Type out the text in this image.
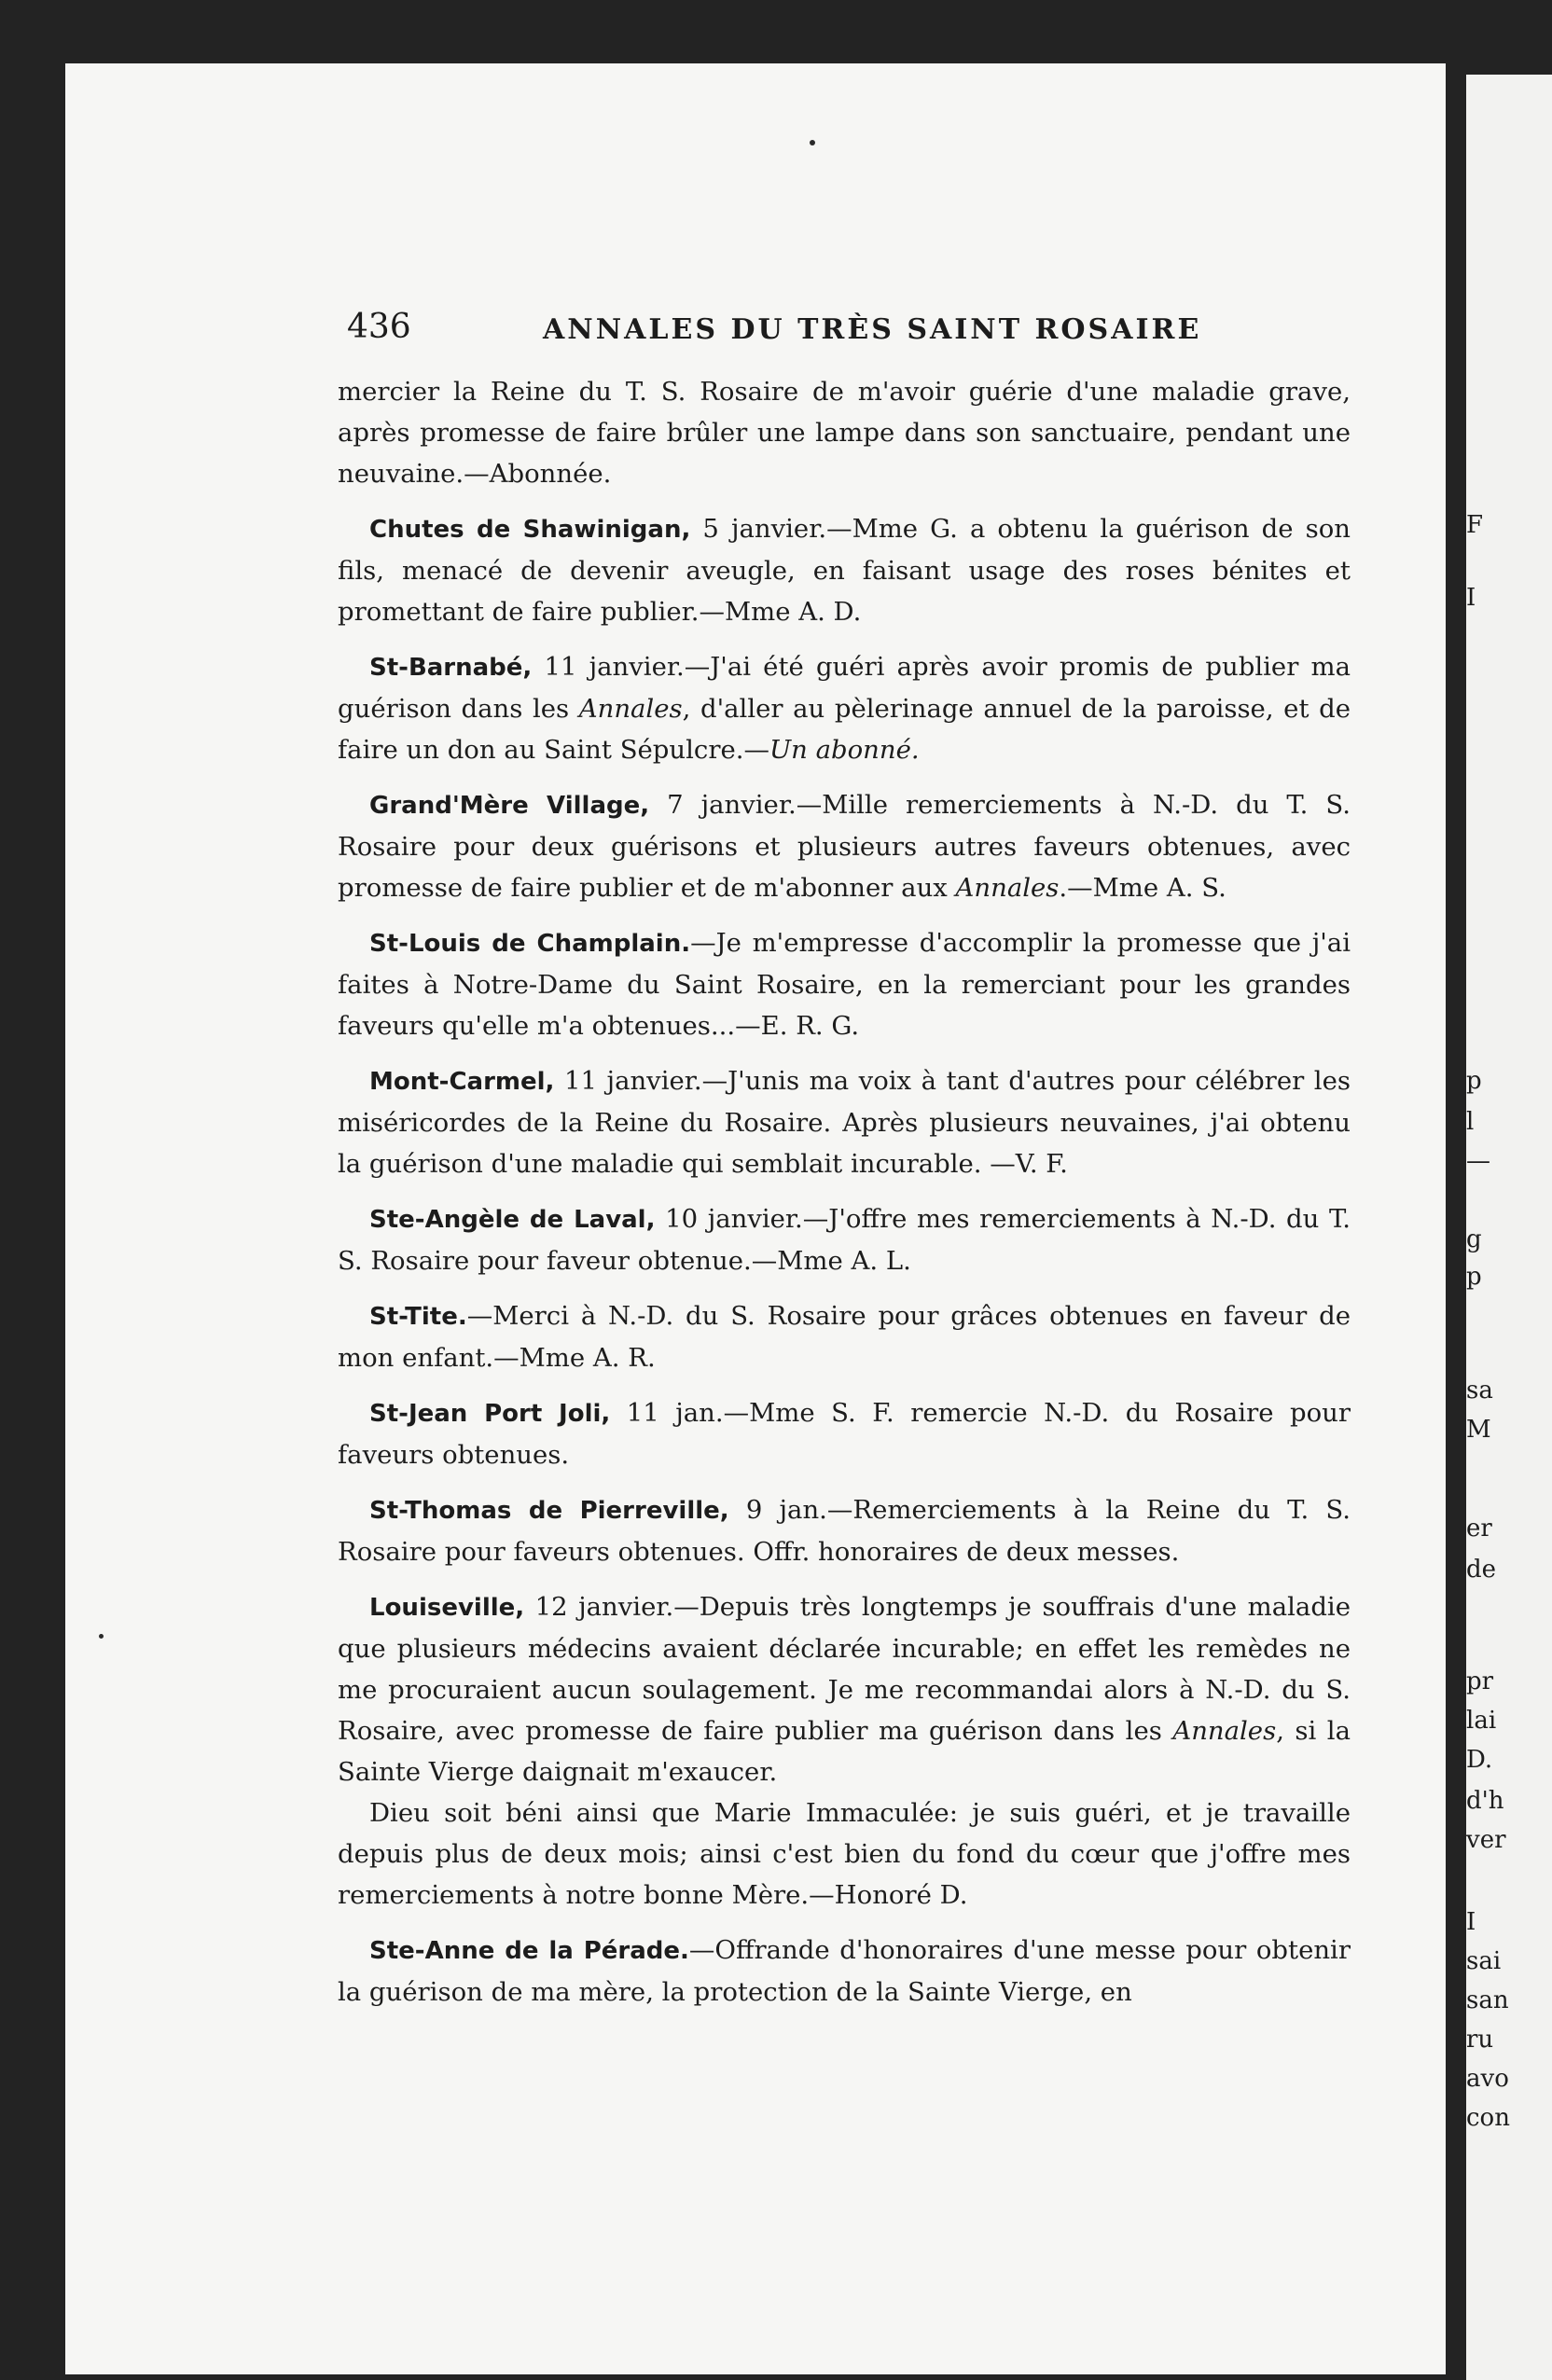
F
I
p
l
—
g
p
sa
M
er
de
pr
lai
D.
d'h
ver
I
sai
san
ru
avo
con
436	ANNALES DU TRÈS SAINT ROSAIRE

mercier la Reine du T. S. Rosaire de m'avoir guérie d'une maladie grave, après promesse de faire brûler une lampe dans son sanctuaire, pendant une neuvaine.—Abonnée.

Chutes de Shawinigan, 5 janvier.—Mme G. a obtenu la guérison de son fils, menacé de devenir aveugle, en faisant usage des roses bénites et promettant de faire publier.—Mme A. D.

St-Barnabé, 11 janvier.—J'ai été guéri après avoir promis de publier ma guérison dans les Annales, d'aller au pèlerinage annuel de la paroisse, et de faire un don au Saint Sépulcre.—Un abonné.

Grand'Mère Village, 7 janvier.—Mille remerciements à N.-D. du T. S. Rosaire pour deux guérisons et plusieurs autres faveurs obtenues, avec promesse de faire publier et de m'abonner aux Annales.—Mme A. S.

St-Louis de Champlain.—Je m'empresse d'accomplir la promesse que j'ai faites à Notre-Dame du Saint Rosaire, en la remerciant pour les grandes faveurs qu'elle m'a obtenues...—E. R. G.

Mont-Carmel, 11 janvier.—J'unis ma voix à tant d'autres pour célébrer les miséricordes de la Reine du Rosaire. Après plusieurs neuvaines, j'ai obtenu la guérison d'une maladie qui semblait incurable. —V. F.

Ste-Angèle de Laval, 10 janvier.—J'offre mes remerciements à N.-D. du T. S. Rosaire pour faveur obtenue.—Mme A. L.

St-Tite.—Merci à N.-D. du S. Rosaire pour grâces obtenues en faveur de mon enfant.—Mme A. R.

St-Jean Port Joli, 11 jan.—Mme S. F. remercie N.-D. du Rosaire pour faveurs obtenues.

St-Thomas de Pierreville, 9 jan.—Remerciements à la Reine du T. S. Rosaire pour faveurs obtenues. Offr. honoraires de deux messes.

Louiseville, 12 janvier.—Depuis très longtemps je souffrais d'une maladie que plusieurs médecins avaient déclarée incurable; en effet les remèdes ne me procuraient aucun soulagement. Je me recommandai alors à N.-D. du S. Rosaire, avec promesse de faire publier ma guérison dans les Annales, si la Sainte Vierge daignait m'exaucer.
Dieu soit béni ainsi que Marie Immaculée: je suis guéri, et je travaille depuis plus de deux mois; ainsi c'est bien du fond du cœur que j'offre mes remerciements à notre bonne Mère.—Honoré D.

Ste-Anne de la Pérade.—Offrande d'honoraires d'une messe pour obtenir la guérison de ma mère, la protection de la Sainte Vierge, en
